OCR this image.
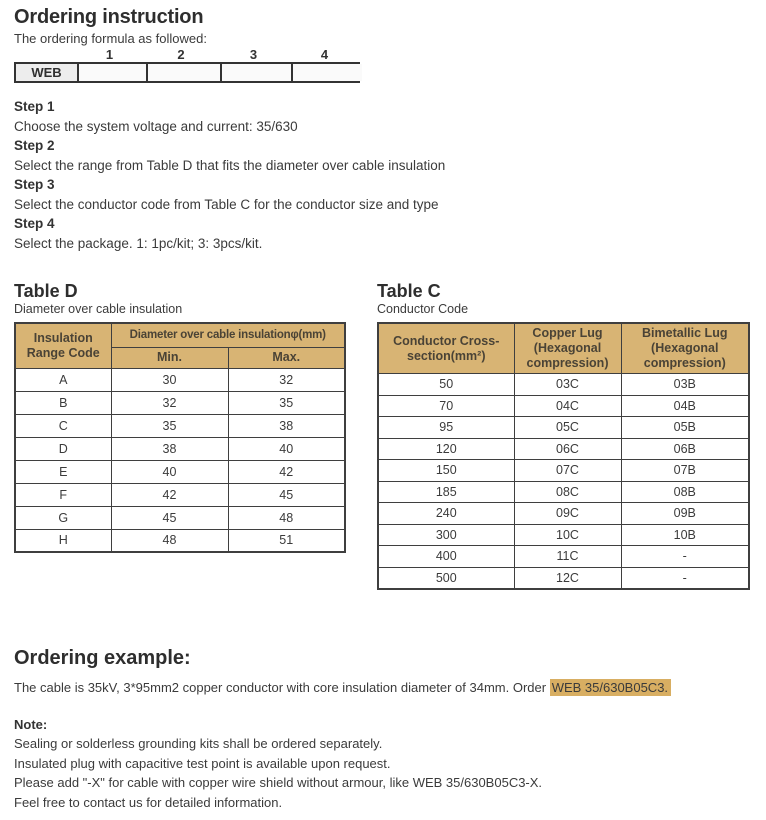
Ordering instruction

The ordering formula as followed:

1	2	3	4
WEB
Step 1
Choose the system voltage and current: 35/630
Step 2
Select the range from Table D that fits the diameter over cable insulation
Step 3
Select the conductor code from Table C for the conductor size and type
Step 4
Select the package. 1: 1pc/kit; 3: 3pcs/kit.
Table D

Diameter over cable insulation

Insulation Range Code	Diameter over cable insulationφ(mm)	
	Min.	Max.
A	30	32
B	32	35
C	35	38
D	38	40
E	40	42
F	42	45
G	45	48
H	48	51
Table C

Conductor Code

Conductor Cross-section(mm²)	Copper Lug (Hexagonal compression)	Bimetallic Lug (Hexagonal compression)
50	03C	03B
70	04C	04B
95	05C	05B
120	06C	06B
150	07C	07B
185	08C	08B
240	09C	09B
300	10C	10B
400	11C	-
500	12C	-
Ordering example:

The cable is 35kV, 3*95mm2 copper conductor with core insulation diameter of 34mm. Order WEB 35/630B05C3.

Note:

Sealing or solderless grounding kits shall be ordered separately.

Insulated plug with capacitive test point is available upon request.

Please add "-X" for cable with copper wire shield without armour, like WEB 35/630B05C3-X.

Feel free to contact us for detailed information.
